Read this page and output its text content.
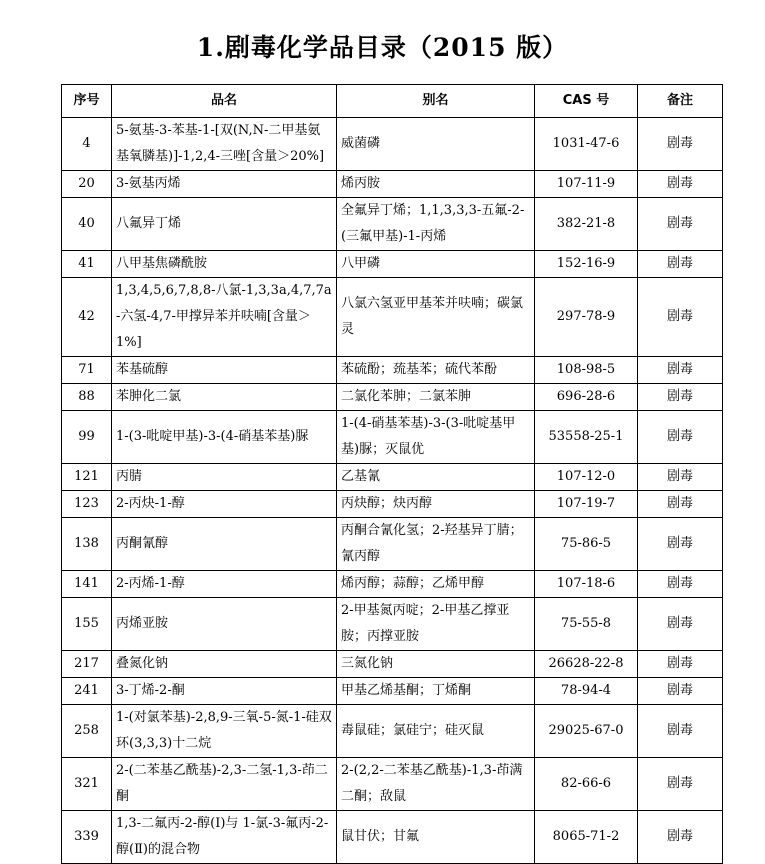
1.剧毒化学品目录（2015 版）
序号	品名	别名	CAS 号	备注
4	5-氨基-3-苯基-1-[双(N,N-二甲基氨基氧膦基)]-1,2,4-三唑[含量＞20%]	威菌磷	1031-47-6	剧毒
20	3-氨基丙烯	烯丙胺	107-11-9	剧毒
40	八氟异丁烯	全氟异丁烯；1,1,3,3,3-五氟-2-(三氟甲基)-1-丙烯	382-21-8	剧毒
41	八甲基焦磷酰胺	八甲磷	152-16-9	剧毒
42	1,3,4,5,6,7,8,8-八氯-1,3,3a,4,7,7a-六氢-4,7-甲撑异苯并呋喃[含量＞1%]	八氯六氢亚甲基苯并呋喃；碳氯灵	297-78-9	剧毒
71	苯基硫醇	苯硫酚；巯基苯；硫代苯酚	108-98-5	剧毒
88	苯胂化二氯	二氯化苯胂；二氯苯胂	696-28-6	剧毒
99	1-(3-吡啶甲基)-3-(4-硝基苯基)脲	1-(4-硝基苯基)-3-(3-吡啶基甲基)脲；灭鼠优	53558-25-1	剧毒
121	丙腈	乙基氰	107-12-0	剧毒
123	2-丙炔-1-醇	丙炔醇；炔丙醇	107-19-7	剧毒
138	丙酮氰醇	丙酮合氰化氢；2-羟基异丁腈；氰丙醇	75-86-5	剧毒
141	2-丙烯-1-醇	烯丙醇；蒜醇；乙烯甲醇	107-18-6	剧毒
155	丙烯亚胺	2-甲基氮丙啶；2-甲基乙撑亚胺；丙撑亚胺	75-55-8	剧毒
217	叠氮化钠	三氮化钠	26628-22-8	剧毒
241	3-丁烯-2-酮	甲基乙烯基酮；丁烯酮	78-94-4	剧毒
258	1-(对氯苯基)-2,8,9-三氧-5-氮-1-硅双环(3,3,3)十二烷	毒鼠硅；氯硅宁；硅灭鼠	29025-67-0	剧毒
321	2-(二苯基乙酰基)-2,3-二氢-1,3-茚二酮	2-(2,2-二苯基乙酰基)-1,3-茚满二酮；敌鼠	82-66-6	剧毒
339	1,3-二氟丙-2-醇(Ⅰ)与 1-氯-3-氟丙-2-醇(Ⅱ)的混合物	鼠甘伏；甘氟	8065-71-2	剧毒
